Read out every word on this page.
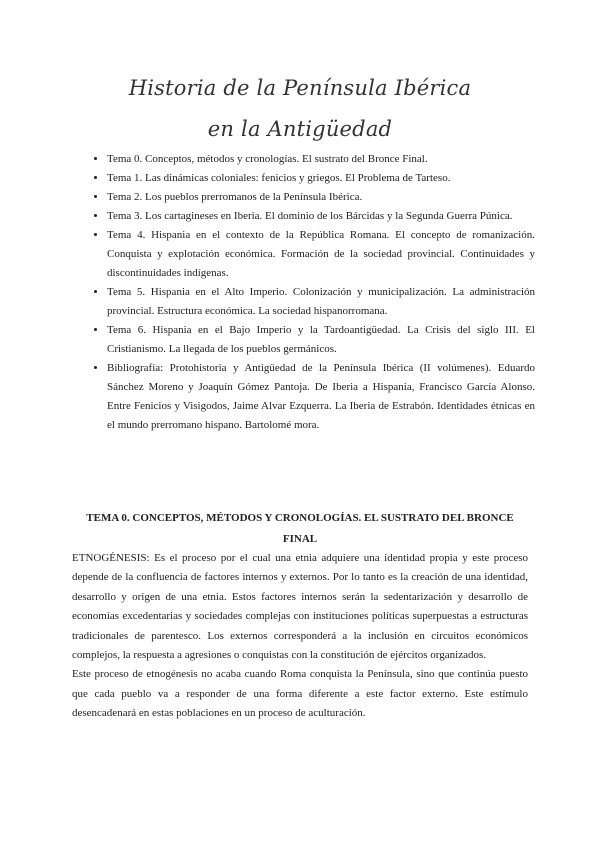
Historia de la Península Ibérica
en la Antigüedad
• Tema 0. Conceptos, métodos y cronologías. El sustrato del Bronce Final.
• Tema 1. Las dinámicas coloniales: fenicios y griegos. El Problema de Tarteso.
• Tema 2. Los pueblos prerromanos de la Península Ibérica.
• Tema 3. Los cartagineses en Iberia. El dominio de los Bárcidas y la Segunda Guerra Púnica.
• Tema 4. Hispania en el contexto de la República Romana. El concepto de romanización. Conquista y explotación económica. Formación de la sociedad provincial. Continuidades y discontinuidades indígenas.
• Tema 5. Hispania en el Alto Imperio. Colonización y municipalización. La administración provincial. Estructura económica. La sociedad hispanorromana.
• Tema 6. Hispania en el Bajo Imperio y la Tardoantigüedad. La Crisis del siglo III. El Cristianismo. La llegada de los pueblos germánicos.
• Bibliografía: Protohistoria y Antigüedad de la Península Ibérica (II volúmenes). Eduardo Sánchez Moreno y Joaquín Gómez Pantoja. De Iberia a Hispania, Francisco García Alonso. Entre Fenicios y Visigodos, Jaime Alvar Ezquerra. La Iberia de Estrabón. Identidades étnicas en el mundo prerromano hispano. Bartolomé mora.
TEMA 0. CONCEPTOS, MÉTODOS Y CRONOLOGÍAS. EL SUSTRATO DEL BRONCE FINAL

ETNOGÉNESIS: Es el proceso por el cual una etnia adquiere una identidad propia y este proceso depende de la confluencia de factores internos y externos. Por lo tanto es la creación de una identidad, desarrollo y origen de una etnia. Estos factores internos serán la sedentarización y desarrollo de economías excedentarias y sociedades complejas con instituciones políticas superpuestas a estructuras tradicionales de parentesco. Los externos corresponderá a la inclusión en circuitos económicos complejos, la respuesta a agresiones o conquistas con la constitución de ejércitos organizados.

Este proceso de etnogénesis no acaba cuando Roma conquista la Península, sino que continúa puesto que cada pueblo va a responder de una forma diferente a este factor externo. Este estímulo desencadenará en estas poblaciones en un proceso de aculturación.
